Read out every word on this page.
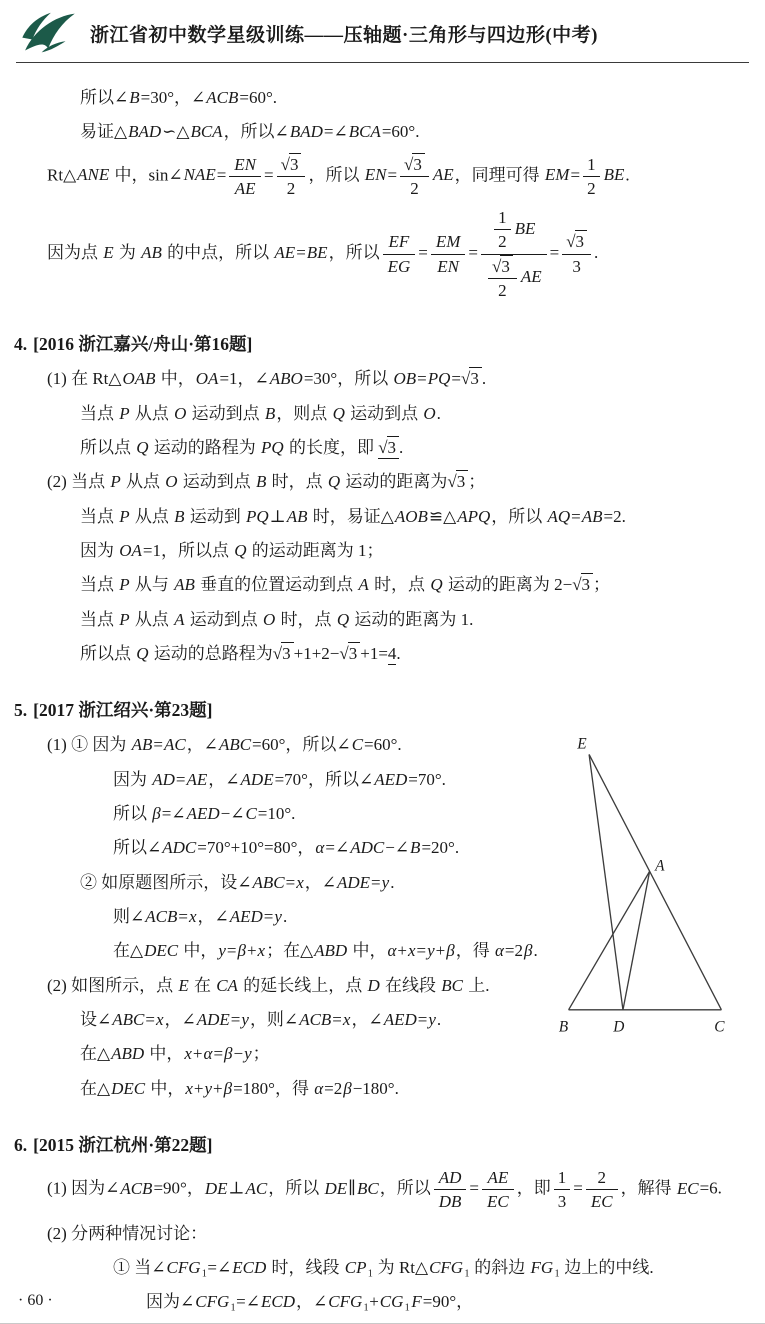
浙江省初中数学星级训练——压轴题·三角形与四边形(中考)
所以∠B=30°，∠ACB=60°.
易证△BAD∽△BCA，所以∠BAD=∠BCA=60°.
Rt△ANE 中，sin∠NAE= $\frac{EN}{AE} = \frac{√3}{2}$ ，所以 $EN= \frac{√3}{2}$ AE，同理可得 $EM= \frac{1}{2}$ BE.
因为点 E 为 AB 的中点，所以 AE=BE，所以 $\frac{EF}{EG} = \frac{EM}{EN} = \frac{\frac{1}{2} BE}{\frac{√3}{2} AE} = \frac{√3}{3}$ .
4. [2016 浙江嘉兴/舟山·第16题]
(1) 在 Rt△OAB 中，OA=1，∠ABO=30°，所以 OB=PQ=√3 .
当点 P 从点 O 运动到点 B，则点 Q 运动到点 O.
所以点 Q 运动的路程为 PQ 的长度，即 √3 .
(2) 当点 P 从点 O 运动到点 B 时，点 Q 运动的距离为√3 ；
当点 P 从点 B 运动到 PQ⊥AB 时，易证△AOB≌△APQ，所以 AQ=AB=2.
因为 OA=1，所以点 Q 的运动距离为 1；
当点 P 从与 AB 垂直的位置运动到点 A 时，点 Q 运动的距离为 2−√3 ；
当点 P 从点 A 运动到点 O 时，点 Q 运动的距离为 1.
所以点 Q 运动的总路程为√3 +1+2−√3 +1=4.
5. [2017 浙江绍兴·第23题]
E
A
B	D	C
(1) ① 因为 AB=AC，∠ABC=60°，所以∠C=60°.
因为 AD=AE，∠ADE=70°，所以∠AED=70°.
所以 β=∠AED−∠C=10°.
所以∠ADC=70°+10°=80°，α=∠ADC−∠B=20°.
② 如原题图所示，设∠ABC=x，∠ADE=y.
则∠ACB=x，∠AED=y.
在△DEC 中，y=β+x；在△ABD 中，α+x=y+β，得 α=2β.
(2) 如图所示，点 E 在 CA 的延长线上，点 D 在线段 BC 上.
设∠ABC=x，∠ADE=y，则∠ACB=x，∠AED=y.
在△ABD 中，x+α=β−y；
在△DEC 中，x+y+β=180°，得 α=2β−180°.
6. [2015 浙江杭州·第22题]
(1) 因为∠ACB=90°，DE⊥AC，所以 DE∥BC，所以 $\frac{AD}{DB} = \frac{AE}{EC}$ ，即 $\frac{1}{3} = \frac{2}{EC}$ ，解得 EC=6.
(2) 分两种情况讨论：
① 当∠CFG₁=∠ECD 时，线段 CP₁ 为 Rt△CFG₁ 的斜边 FG₁ 边上的中线.
因为∠CFG₁=∠ECD，∠CFG₁+CG₁F=90°，
· 60 ·
